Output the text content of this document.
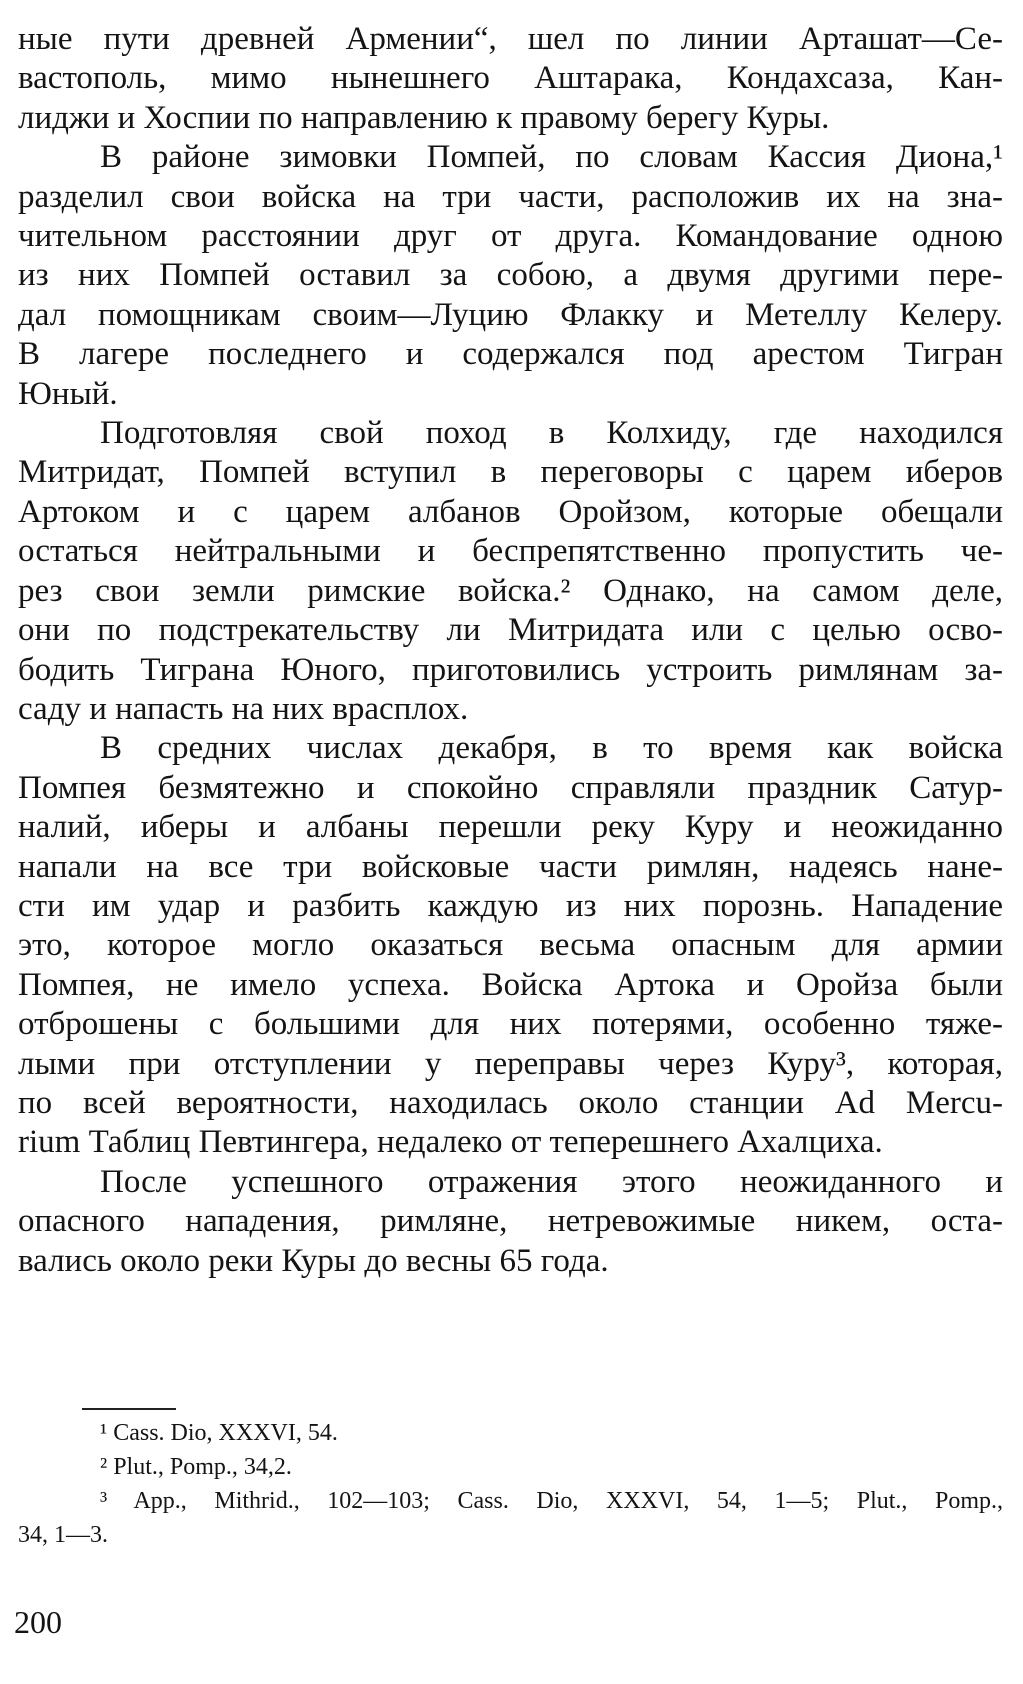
ные пути древней Армении“, шел по линии Арташат—Се-
вастополь, мимо нынешнего Аштарака, Кондахсаза, Кан-
лиджи и Хоспии по направлению к правому берегу Куры.

В районе зимовки Помпей, по словам Кассия Диона,¹
разделил свои войска на три части, расположив их на зна-
чительном расстоянии друг от друга. Командование одною
из них Помпей оставил за собою, а двумя другими пере-
дал помощникам своим—Луцию Флакку и Метеллу Келеру.
В лагере последнего и содержался под арестом Тигран
Юный.

Подготовляя свой поход в Колхиду, где находился
Митридат, Помпей вступил в переговоры с царем иберов
Артоком и с царем албанов Оройзом, которые обещали
остаться нейтральными и беспрепятственно пропустить че-
рез свои земли римские войска.² Однако, на самом деле,
они по подстрекательству ли Митридата или с целью осво-
бодить Тиграна Юного, приготовились устроить римлянам за-
саду и напасть на них врасплох.

В средних числах декабря, в то время как войска
Помпея безмятежно и спокойно справляли праздник Сатур-
налий, иберы и албаны перешли реку Куру и неожиданно
напали на все три войсковые части римлян, надеясь нане-
сти им удар и разбить каждую из них порознь. Нападение
это, которое могло оказаться весьма опасным для армии
Помпея, не имело успеха. Войска Артока и Оройза были
отброшены с большими для них потерями, особенно тяже-
лыми при отступлении у переправы через Куру³, которая,
по всей вероятности, находилась около станции Ad Mercu-
rium Таблиц Певтингера, недалеко от теперешнего Ахалциха.

После успешного отражения этого неожиданного и
опасного нападения, римляне, нетревожимые никем, оста-
вались около реки Куры до весны 65 года.

¹ Cass. Dio, XXXVI, 54.
² Plut., Pomp., 34,2.
³ App., Mithrid., 102—103; Cass. Dio, XXXVI, 54, 1—5; Plut., Pomp.,
34, 1—3.
200
